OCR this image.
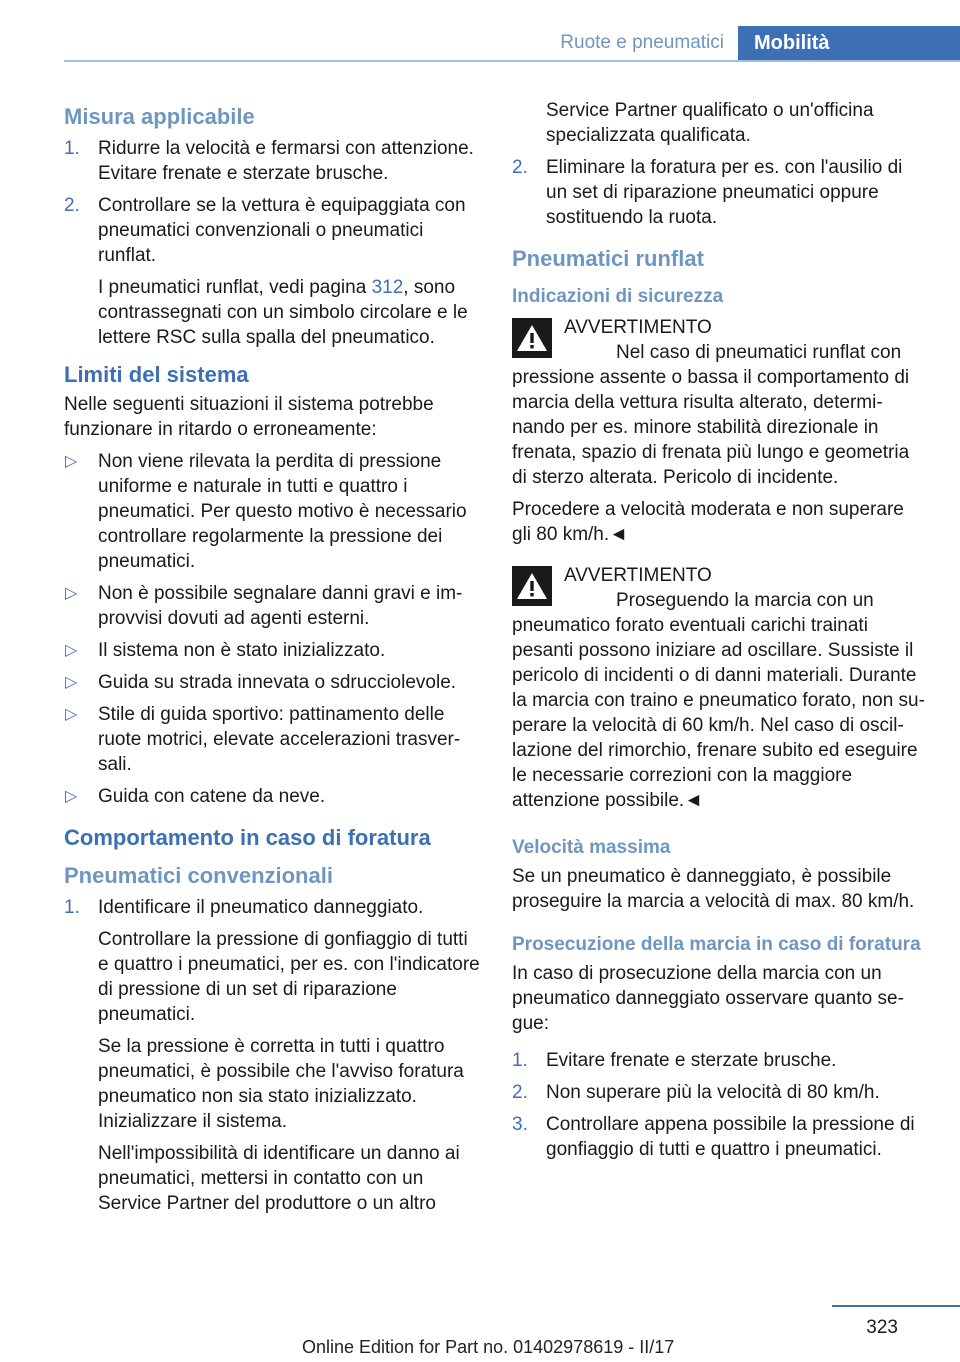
Ruote e pneumatici	Mobilità
Misura applicabile
1. Ridurre la velocità e fermarsi con attenzione. Evitare frenate e sterzate brusche.
2. Controllare se la vettura è equipaggiata con pneumatici convenzionali o pneumatici runflat.
I pneumatici runflat, vedi pagina 312, sono contrassegnati con un simbolo circolare e le lettere RSC sulla spalla del pneumatico.
Limiti del sistema
Nelle seguenti situazioni il sistema potrebbe funzionare in ritardo o erroneamente:
▷ Non viene rilevata la perdita di pressione uniforme e naturale in tutti e quattro i pneumatici. Per questo motivo è necessario controllare regolarmente la pressione dei pneumatici.
▷ Non è possibile segnalare danni gravi e improvvisi dovuti ad agenti esterni.
▷ Il sistema non è stato inizializzato.
▷ Guida su strada innevata o sdrucciolevole.
▷ Stile di guida sportivo: pattinamento delle ruote motrici, elevate accelerazioni trasversali.
▷ Guida con catene da neve.
Comportamento in caso di foratura
Pneumatici convenzionali
1. Identificare il pneumatico danneggiato.
Controllare la pressione di gonfiaggio di tutti e quattro i pneumatici, per es. con l'indicatore di pressione di un set di riparazione pneumatici.
Se la pressione è corretta in tutti i quattro pneumatici, è possibile che l'avviso foratura pneumatico non sia stato inizializzato. Inizializzare il sistema.
Nell'impossibilità di identificare un danno ai pneumatici, mettersi in contatto con un Service Partner del produttore o un altro
Service Partner qualificato o un'officina specializzata qualificata.
2. Eliminare la foratura per es. con l'ausilio di un set di riparazione pneumatici oppure sostituendo la ruota.
Pneumatici runflat
Indicazioni di sicurezza
AVVERTIMENTO
Nel caso di pneumatici runflat con pressione assente o bassa il comportamento di marcia della vettura risulta alterato, determinando per es. minore stabilità direzionale in frenata, spazio di frenata più lungo e geometria di sterzo alterata. Pericolo di incidente.
Procedere a velocità moderata e non superare gli 80 km/h.◄
AVVERTIMENTO
Proseguendo la marcia con un pneumatico forato eventuali carichi trainati pesanti possono iniziare ad oscillare. Sussiste il pericolo di incidenti o di danni materiali. Durante la marcia con traino e pneumatico forato, non superare la velocità di 60 km/h. Nel caso di oscillazione del rimorchio, frenare subito ed eseguire le necessarie correzioni con la maggiore attenzione possibile.◄
Velocità massima
Se un pneumatico è danneggiato, è possibile proseguire la marcia a velocità di max. 80 km/h.
Prosecuzione della marcia in caso di foratura
In caso di prosecuzione della marcia con un pneumatico danneggiato osservare quanto segue:
1. Evitare frenate e sterzate brusche.
2. Non superare più la velocità di 80 km/h.
3. Controllare appena possibile la pressione di gonfiaggio di tutti e quattro i pneumatici.
323
Online Edition for Part no. 01402978619 - II/17
